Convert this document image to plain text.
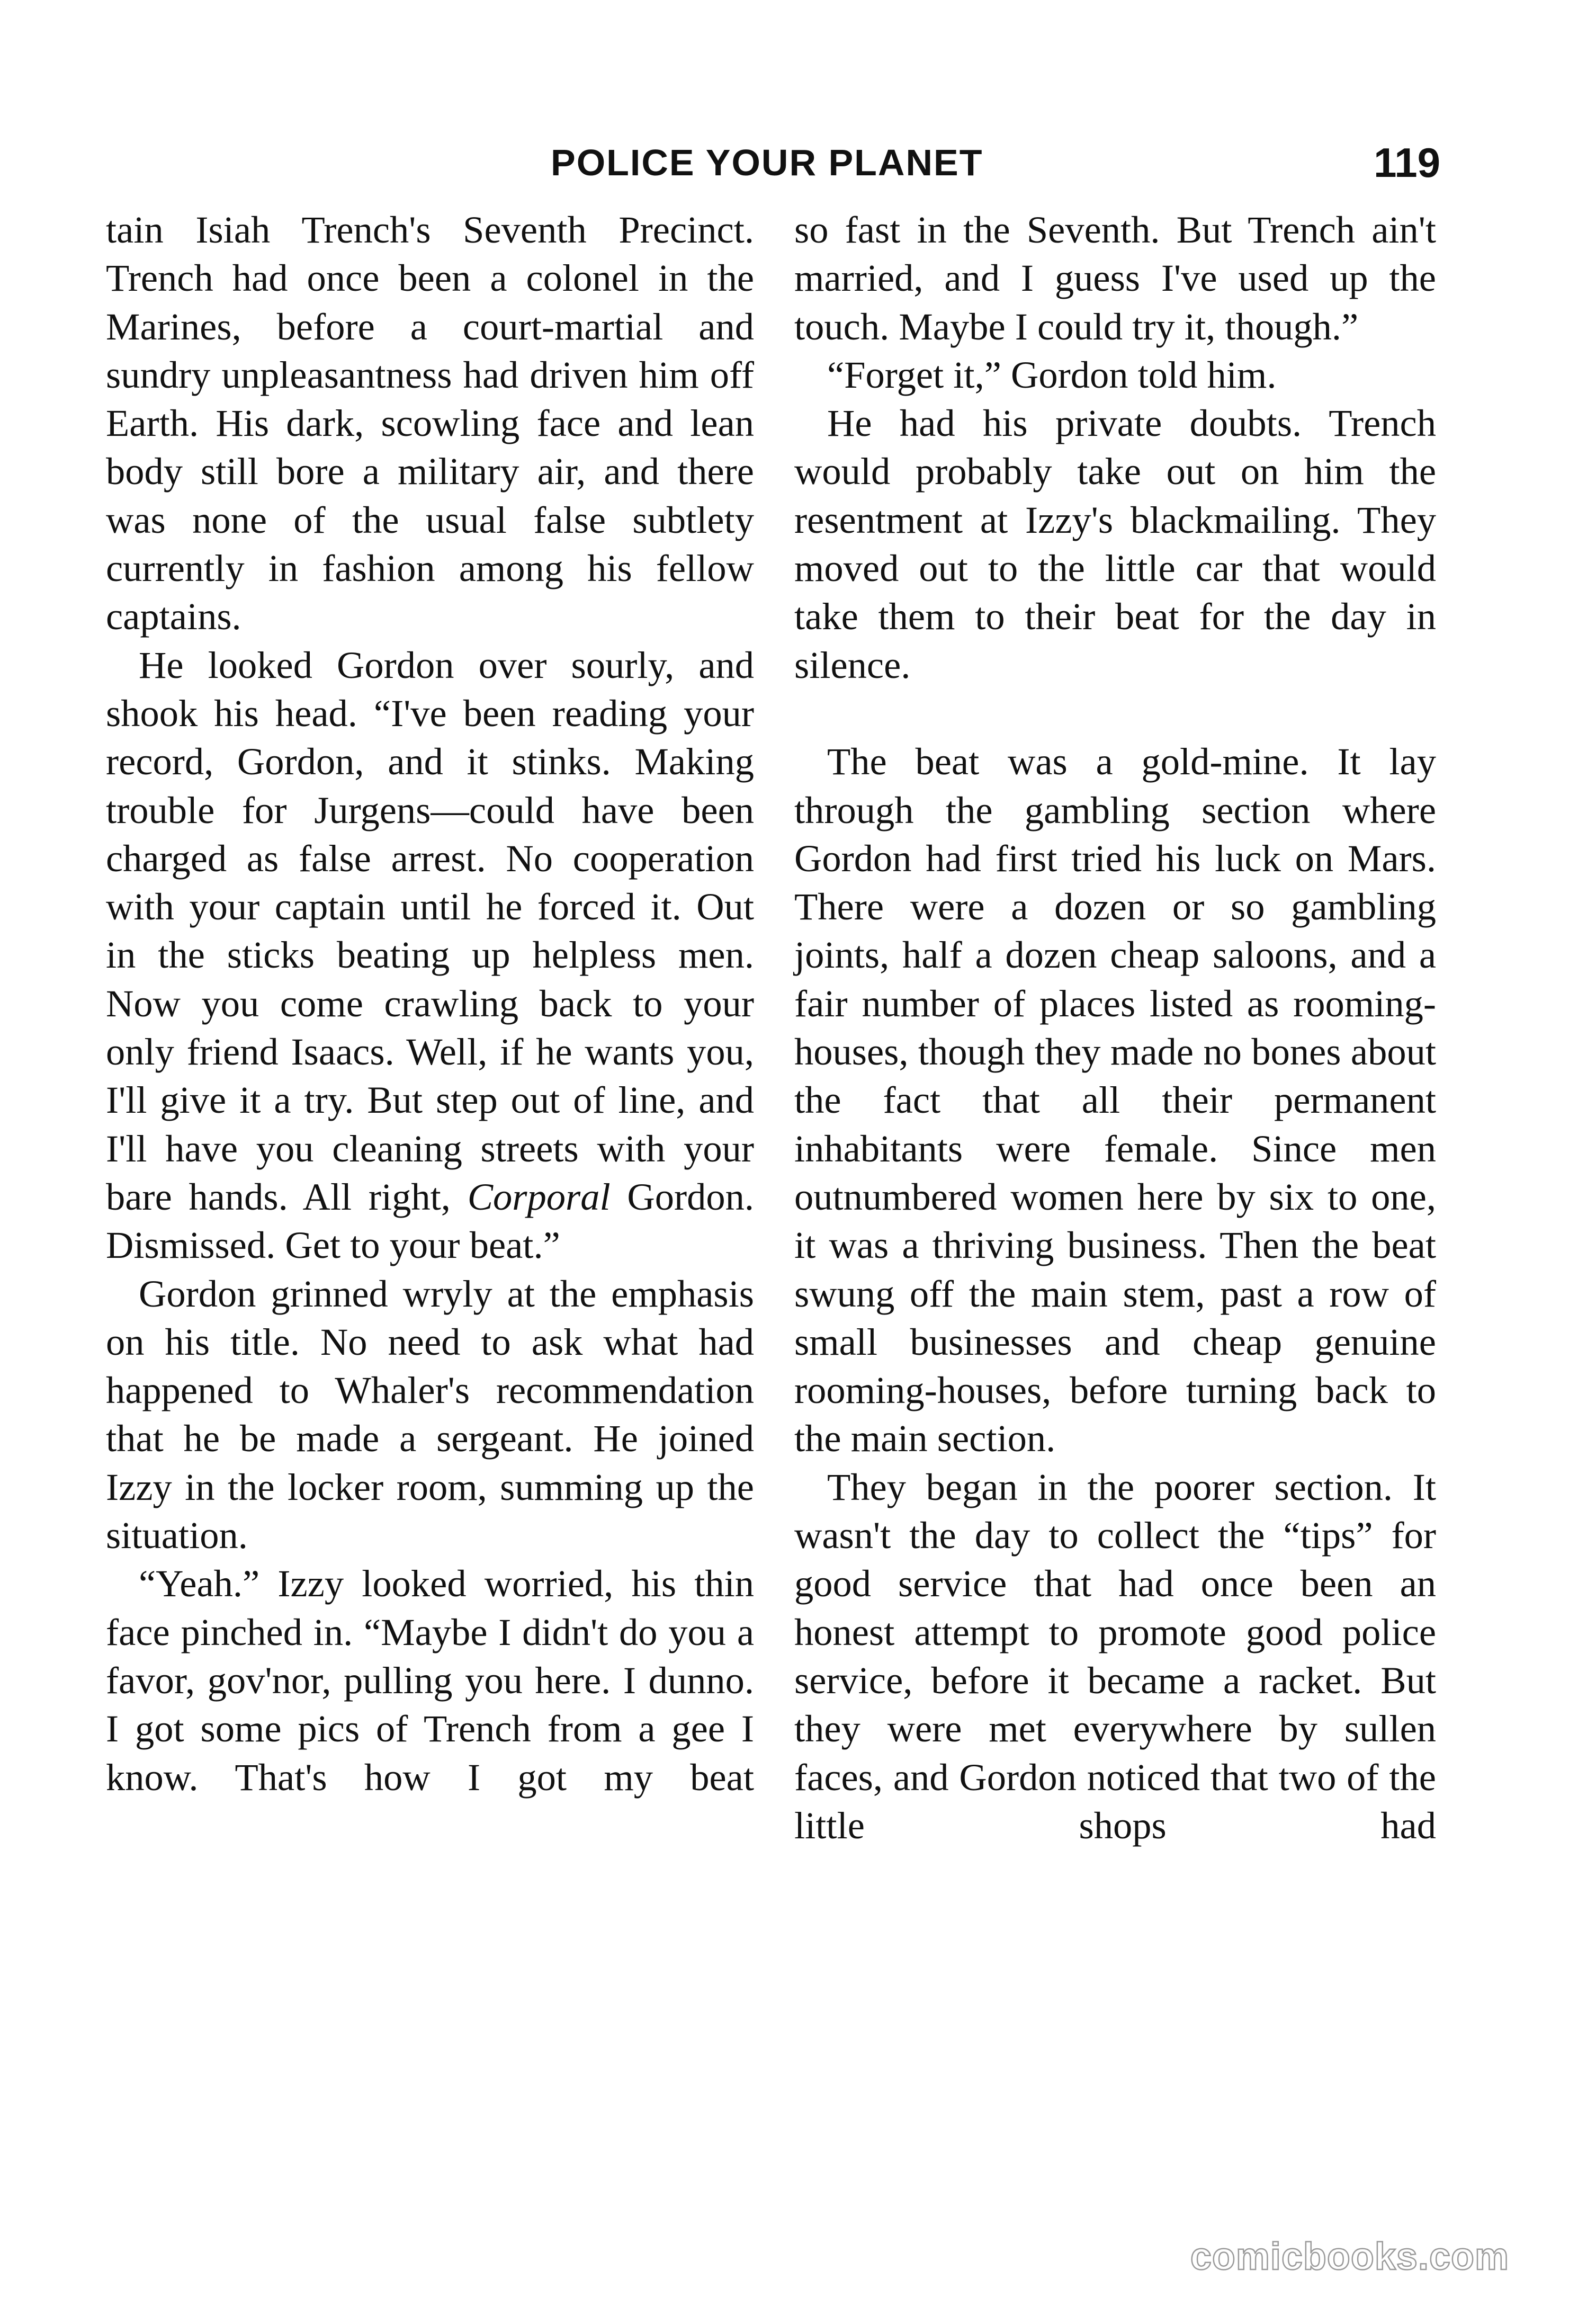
POLICE YOUR PLANET	119

tain Isiah Trench's Seventh Precinct. Trench had once been a colonel in the Marines, before a court-martial and sundry unpleasantness had driven him off Earth. His dark, scowling face and lean body still bore a military air, and there was none of the usual false subtlety currently in fashion among his fellow captains.

He looked Gordon over sourly, and shook his head. “I've been reading your record, Gordon, and it stinks. Making trouble for Jurgens—could have been charged as false arrest. No cooperation with your captain until he forced it. Out in the sticks beating up helpless men. Now you come crawling back to your only friend Isaacs. Well, if he wants you, I'll give it a try. But step out of line, and I'll have you cleaning streets with your bare hands. All right, Corporal Gordon. Dismissed. Get to your beat.”

Gordon grinned wryly at the emphasis on his title. No need to ask what had happened to Whaler's recommendation that he be made a sergeant. He joined Izzy in the locker room, summing up the situation.

“Yeah.” Izzy looked worried, his thin face pinched in. “Maybe I didn't do you a favor, gov'nor, pulling you here. I dunno. I got some pics of Trench from a gee I know. That's how I got my beat

so fast in the Seventh. But Trench ain't married, and I guess I've used up the touch. Maybe I could try it, though.”

“Forget it,” Gordon told him.

He had his private doubts. Trench would probably take out on him the resentment at Izzy's blackmailing. They moved out to the little car that would take them to their beat for the day in silence.

The beat was a gold-mine. It lay through the gambling section where Gordon had first tried his luck on Mars. There were a dozen or so gambling joints, half a dozen cheap saloons, and a fair number of places listed as rooming-houses, though they made no bones about the fact that all their permanent inhabitants were female. Since men outnumbered women here by six to one, it was a thriving business. Then the beat swung off the main stem, past a row of small businesses and cheap genuine rooming-houses, before turning back to the main section.

They began in the poorer section. It wasn't the day to collect the “tips” for good service that had once been an honest attempt to promote good police service, before it became a racket. But they were met everywhere by sullen faces, and Gordon noticed that two of the little shops had

comicbooks.com
